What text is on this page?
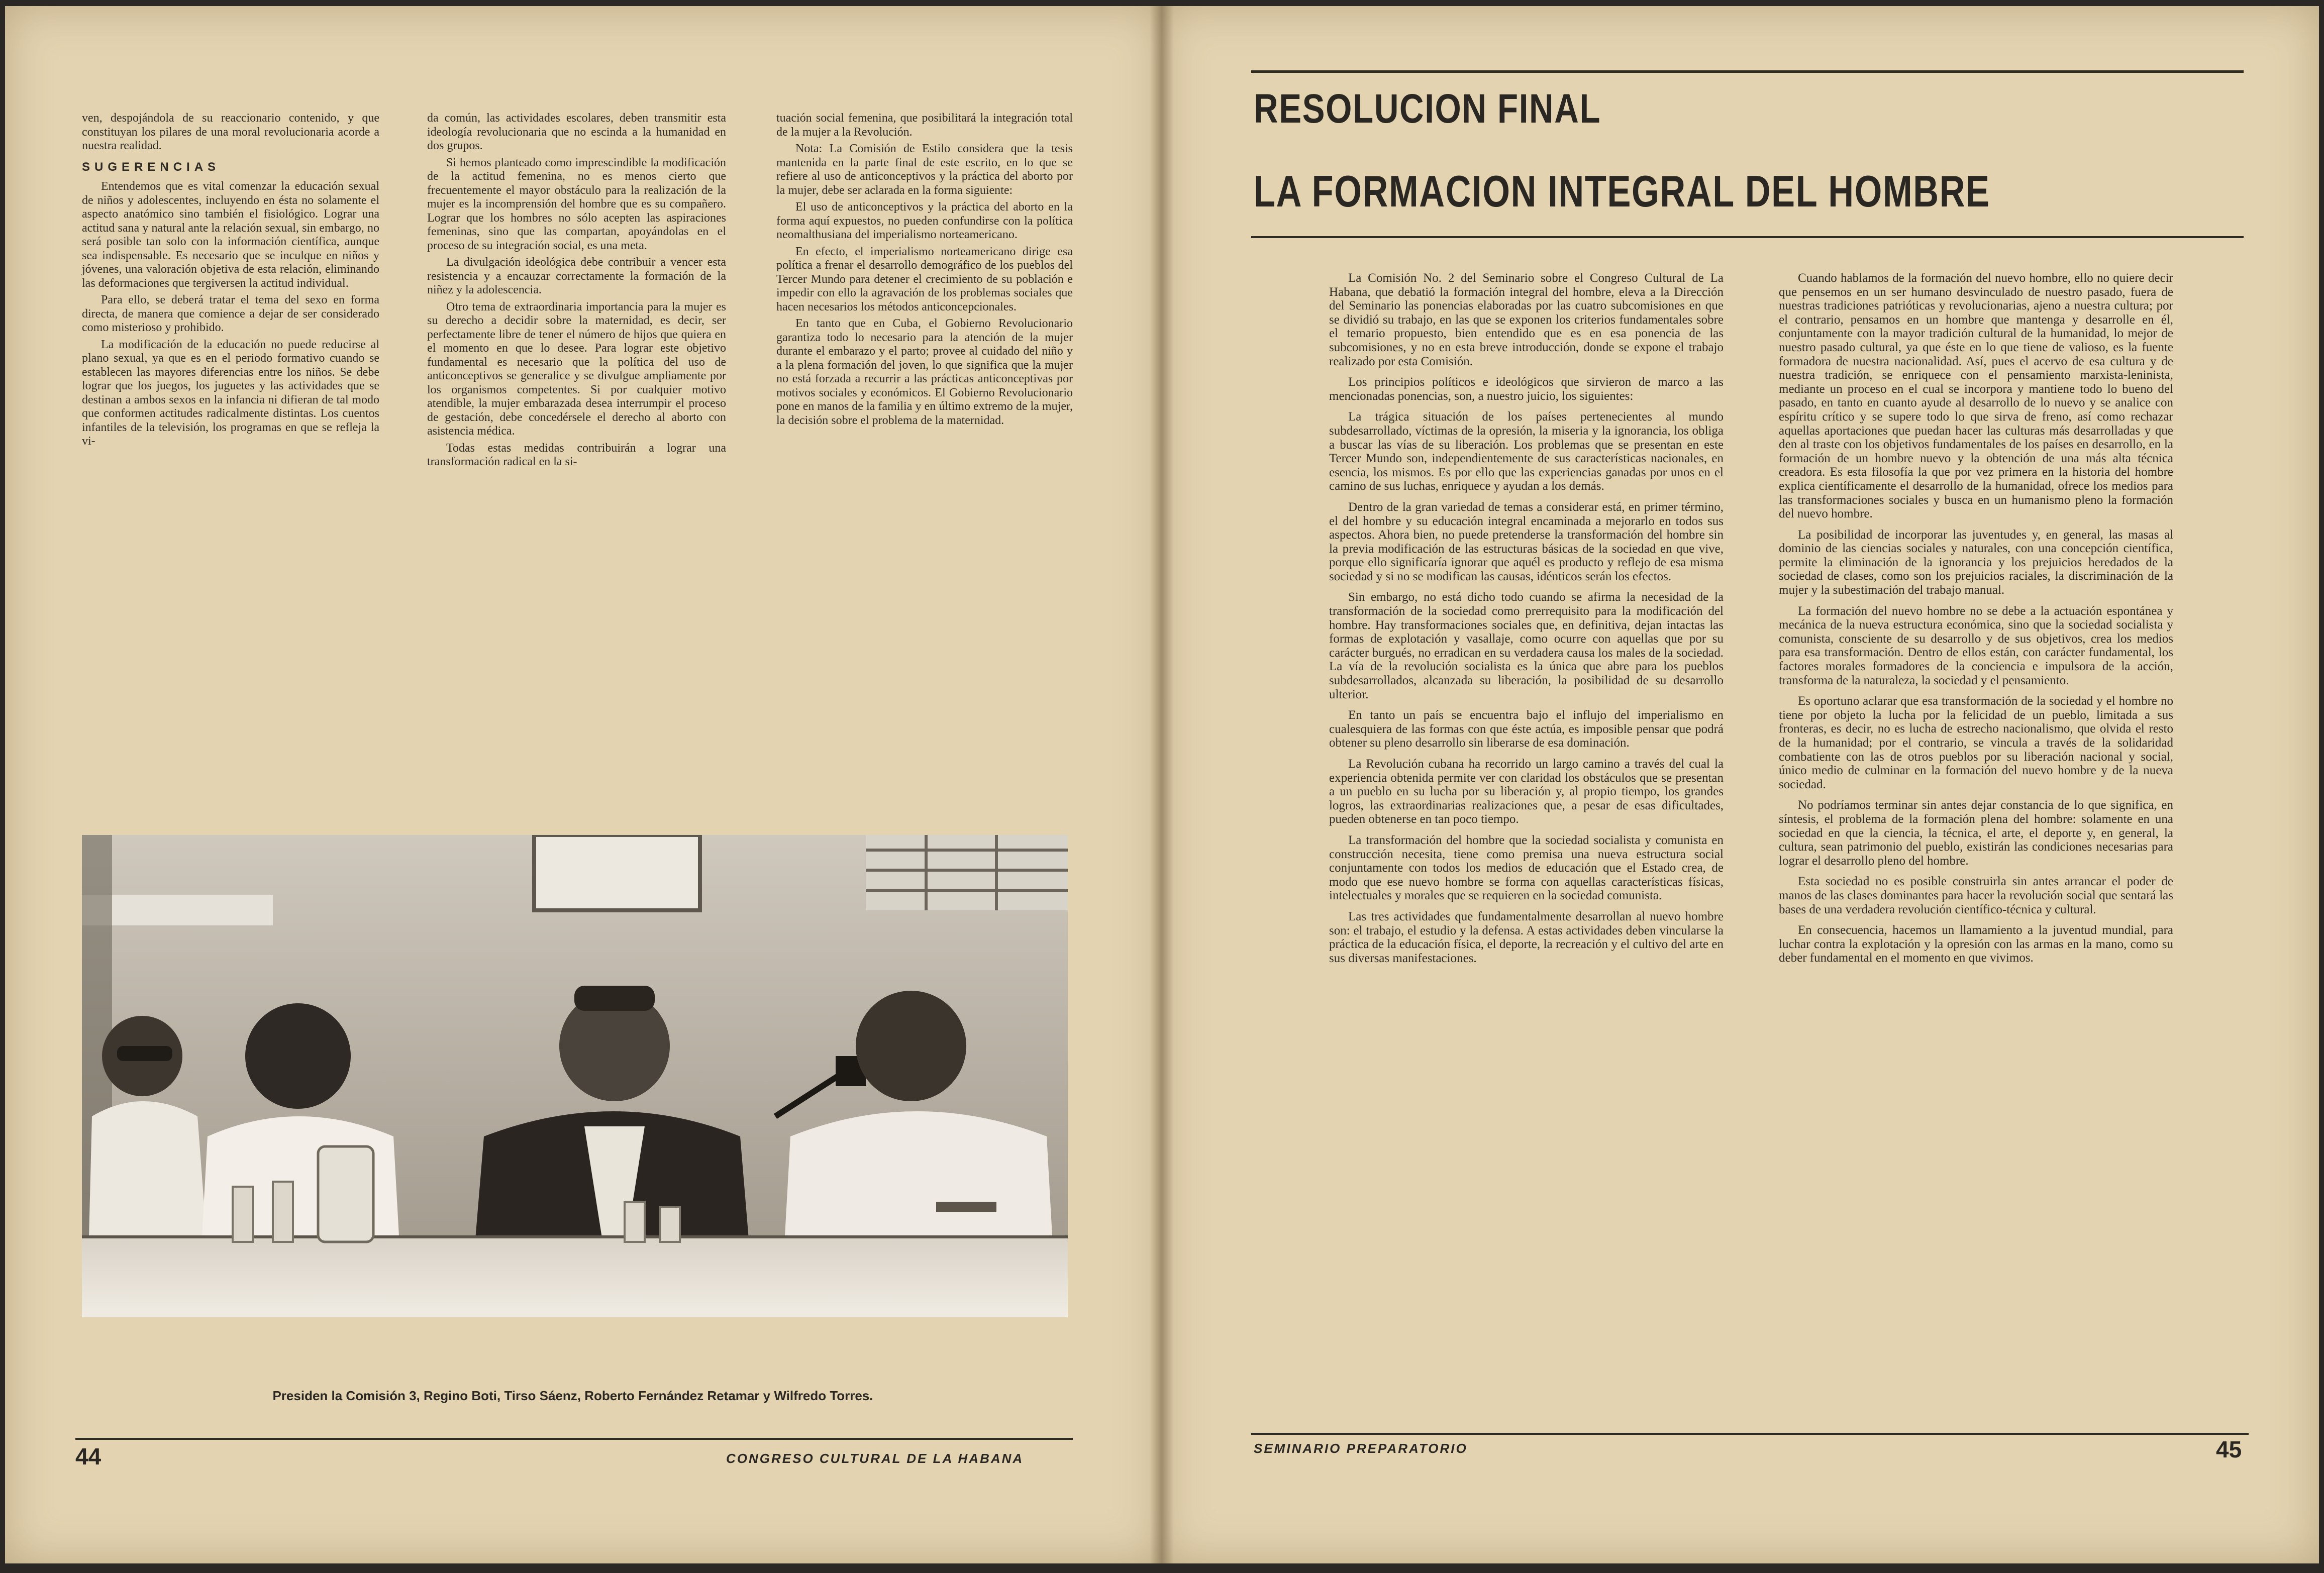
ven, despojándola de su reaccionario contenido, y que constituyan los pilares de una moral revolucionaria acorde a nuestra realidad.

SUGERENCIAS

Entendemos que es vital comenzar la educación sexual de niños y adolescentes, incluyendo en ésta no solamente el aspecto anatómico sino también el fisiológico. Lograr una actitud sana y natural ante la relación sexual, sin embargo, no será posible tan solo con la información científica, aunque sea indispensable. Es necesario que se inculque en niños y jóvenes, una valoración objetiva de esta relación, eliminando las deformaciones que tergiversen la actitud individual.

Para ello, se deberá tratar el tema del sexo en forma directa, de manera que comience a dejar de ser considerado como misterioso y prohibido.

La modificación de la educación no puede reducirse al plano sexual, ya que es en el periodo formativo cuando se establecen las mayores diferencias entre los niños. Se debe lograr que los juegos, los juguetes y las actividades que se destinan a ambos sexos en la infancia ni difieran de tal modo que conformen actitudes radicalmente distintas. Los cuentos infantiles de la televisión, los programas en que se refleja la vi-

da común, las actividades escolares, deben transmitir esta ideología revolucionaria que no escinda a la humanidad en dos grupos.

Si hemos planteado como imprescindible la modificación de la actitud femenina, no es menos cierto que frecuentemente el mayor obstáculo para la realización de la mujer es la incomprensión del hombre que es su compañero. Lograr que los hombres no sólo acepten las aspiraciones femeninas, sino que las compartan, apoyándolas en el proceso de su integración social, es una meta.

La divulgación ideológica debe contribuir a vencer esta resistencia y a encauzar correctamente la formación de la niñez y la adolescencia.

Otro tema de extraordinaria importancia para la mujer es su derecho a decidir sobre la maternidad, es decir, ser perfectamente libre de tener el número de hijos que quiera en el momento en que lo desee. Para lograr este objetivo fundamental es necesario que la política del uso de anticonceptivos se generalice y se divulgue ampliamente por los organismos competentes. Si por cualquier motivo atendible, la mujer embarazada desea interrumpir el proceso de gestación, debe concedérsele el derecho al aborto con asistencia médica.

Todas estas medidas contribuirán a lograr una transformación radical en la si-

tuación social femenina, que posibilitará la integración total de la mujer a la Revolución.

Nota: La Comisión de Estilo considera que la tesis mantenida en la parte final de este escrito, en lo que se refiere al uso de anticonceptivos y la práctica del aborto por la mujer, debe ser aclarada en la forma siguiente:

El uso de anticonceptivos y la práctica del aborto en la forma aquí expuestos, no pueden confundirse con la política neomalthusiana del imperialismo norteamericano.

En efecto, el imperialismo norteamericano dirige esa política a frenar el desarrollo demográfico de los pueblos del Tercer Mundo para detener el crecimiento de su población e impedir con ello la agravación de los problemas sociales que hacen necesarios los métodos anticoncepcionales.

En tanto que en Cuba, el Gobierno Revolucionario garantiza todo lo necesario para la atención de la mujer durante el embarazo y el parto; provee al cuidado del niño y a la plena formación del joven, lo que significa que la mujer no está forzada a recurrir a las prácticas anticonceptivas por motivos sociales y económicos. El Gobierno Revolucionario pone en manos de la familia y en último extremo de la mujer, la decisión sobre el problema de la maternidad.

Presiden la Comisión 3, Regino Boti, Tirso Sáenz, Roberto Fernández Retamar y Wilfredo Torres.
44	CONGRESO CULTURAL DE LA HABANA
RESOLUCION FINAL
LA FORMACION INTEGRAL DEL HOMBRE

La Comisión No. 2 del Seminario sobre el Congreso Cultural de La Habana, que debatió la formación integral del hombre, eleva a la Dirección del Seminario las ponencias elaboradas por las cuatro subcomisiones en que se dividió su trabajo, en las que se exponen los criterios fundamentales sobre el temario propuesto, bien entendido que es en esa ponencia de las subcomisiones, y no en esta breve introducción, donde se expone el trabajo realizado por esta Comisión.

Los principios políticos e ideológicos que sirvieron de marco a las mencionadas ponencias, son, a nuestro juicio, los siguientes:

La trágica situación de los países pertenecientes al mundo subdesarrollado, víctimas de la opresión, la miseria y la ignorancia, los obliga a buscar las vías de su liberación. Los problemas que se presentan en este Tercer Mundo son, independientemente de sus características nacionales, en esencia, los mismos. Es por ello que las experiencias ganadas por unos en el camino de sus luchas, enriquece y ayudan a los demás.

Dentro de la gran variedad de temas a considerar está, en primer término, el del hombre y su educación integral encaminada a mejorarlo en todos sus aspectos. Ahora bien, no puede pretenderse la transformación del hombre sin la previa modificación de las estructuras básicas de la sociedad en que vive, porque ello significaría ignorar que aquél es producto y reflejo de esa misma sociedad y si no se modifican las causas, idénticos serán los efectos.

Sin embargo, no está dicho todo cuando se afirma la necesidad de la transformación de la sociedad como prerrequisito para la modificación del hombre. Hay transformaciones sociales que, en definitiva, dejan intactas las formas de explotación y vasallaje, como ocurre con aquellas que por su carácter burgués, no erradican en su verdadera causa los males de la sociedad. La vía de la revolución socialista es la única que abre para los pueblos subdesarrollados, alcanzada su liberación, la posibilidad de su desarrollo ulterior.

En tanto un país se encuentra bajo el influjo del imperialismo en cualesquiera de las formas con que éste actúa, es imposible pensar que podrá obtener su pleno desarrollo sin liberarse de esa dominación.

La Revolución cubana ha recorrido un largo camino a través del cual la experiencia obtenida permite ver con claridad los obstáculos que se presentan a un pueblo en su lucha por su liberación y, al propio tiempo, los grandes logros, las extraordinarias realizaciones que, a pesar de esas dificultades, pueden obtenerse en tan poco tiempo.

La transformación del hombre que la sociedad socialista y comunista en construcción necesita, tiene como premisa una nueva estructura social conjuntamente con todos los medios de educación que el Estado crea, de modo que ese nuevo hombre se forma con aquellas características físicas, intelectuales y morales que se requieren en la sociedad comunista.

Las tres actividades que fundamentalmente desarrollan al nuevo hombre son: el trabajo, el estudio y la defensa. A estas actividades deben vincularse la práctica de la educación física, el deporte, la recreación y el cultivo del arte en sus diversas manifestaciones.

Cuando hablamos de la formación del nuevo hombre, ello no quiere decir que pensemos en un ser humano desvinculado de nuestro pasado, fuera de nuestras tradiciones patrióticas y revolucionarias, ajeno a nuestra cultura; por el contrario, pensamos en un hombre que mantenga y desarrolle en él, conjuntamente con la mayor tradición cultural de la humanidad, lo mejor de nuestro pasado cultural, ya que éste en lo que tiene de valioso, es la fuente formadora de nuestra nacionalidad. Así, pues el acervo de esa cultura y de nuestra tradición, se enriquece con el pensamiento marxista-leninista, mediante un proceso en el cual se incorpora y mantiene todo lo bueno del pasado, en tanto en cuanto ayude al desarrollo de lo nuevo y se analice con espíritu crítico y se supere todo lo que sirva de freno, así como rechazar aquellas aportaciones que puedan hacer las culturas más desarrolladas y que den al traste con los objetivos fundamentales de los países en desarrollo, en la formación de un hombre nuevo y la obtención de una más alta técnica creadora. Es esta filosofía la que por vez primera en la historia del hombre explica científicamente el desarrollo de la humanidad, ofrece los medios para las transformaciones sociales y busca en un humanismo pleno la formación del nuevo hombre.

La posibilidad de incorporar las juventudes y, en general, las masas al dominio de las ciencias sociales y naturales, con una concepción científica, permite la eliminación de la ignorancia y los prejuicios heredados de la sociedad de clases, como son los prejuicios raciales, la discriminación de la mujer y la subestimación del trabajo manual.

La formación del nuevo hombre no se debe a la actuación espontánea y mecánica de la nueva estructura económica, sino que la sociedad socialista y comunista, consciente de su desarrollo y de sus objetivos, crea los medios para esa transformación. Dentro de ellos están, con carácter fundamental, los factores morales formadores de la conciencia e impulsora de la acción, transforma de la naturaleza, la sociedad y el pensamiento.

Es oportuno aclarar que esa transformación de la sociedad y el hombre no tiene por objeto la lucha por la felicidad de un pueblo, limitada a sus fronteras, es decir, no es lucha de estrecho nacionalismo, que olvida el resto de la humanidad; por el contrario, se vincula a través de la solidaridad combatiente con las de otros pueblos por su liberación nacional y social, único medio de culminar en la formación del nuevo hombre y de la nueva sociedad.

No podríamos terminar sin antes dejar constancia de lo que significa, en síntesis, el problema de la formación plena del hombre: solamente en una sociedad en que la ciencia, la técnica, el arte, el deporte y, en general, la cultura, sean patrimonio del pueblo, existirán las condiciones necesarias para lograr el desarrollo pleno del hombre.

Esta sociedad no es posible construirla sin antes arrancar el poder de manos de las clases dominantes para hacer la revolución social que sentará las bases de una verdadera revolución científico-técnica y cultural.

En consecuencia, hacemos un llamamiento a la juventud mundial, para luchar contra la explotación y la opresión con las armas en la mano, como su deber fundamental en el momento en que vivimos.

SEMINARIO PREPARATORIO	45
